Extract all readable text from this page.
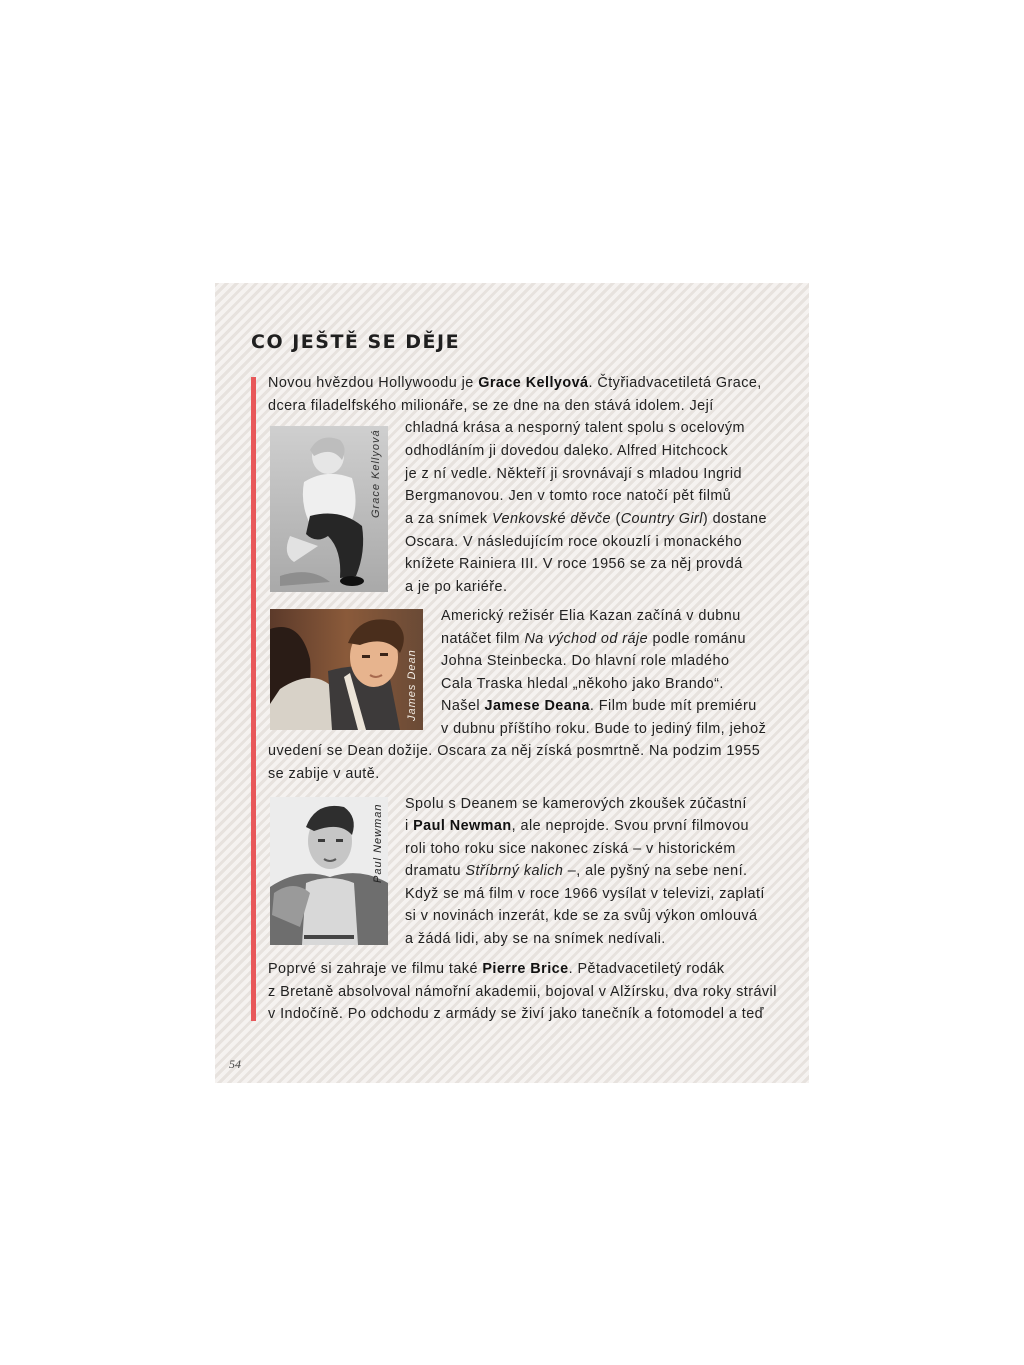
CO JEŠTĚ SE DĚJE

Novou hvězdou Hollywoodu je Grace Kellyová. Čtyřiadvacetiletá Grace,

dcera filadelfského milionáře, se ze dne na den stává idolem. Její

chladná krása a nesporný talent spolu s ocelovým

odhodláním ji dovedou daleko. Alfred Hitchcock

je z ní vedle. Někteří ji srovnávají s mladou Ingrid

Bergmanovou. Jen v tomto roce natočí pět filmů

a za snímek Venkovské děvče (Country Girl) dostane

Oscara. V následujícím roce okouzlí i monackého

knížete Rainiera III. V roce 1956 se za něj provdá

a je po kariéře.

Grace Kellyová

Americký režisér Elia Kazan začíná v dubnu

natáčet film Na východ od ráje podle románu

Johna Steinbecka. Do hlavní role mladého

Cala Traska hledal „někoho jako Brando“.

Našel Jamese Deana. Film bude mít premiéru

v dubnu příštího roku. Bude to jediný film, jehož

uvedení se Dean dožije. Oscara za něj získá posmrtně. Na podzim 1955

se zabije v autě.

James Dean

Spolu s Deanem se kamerových zkoušek zúčastní

i Paul Newman, ale neprojde. Svou první filmovou

roli toho roku sice nakonec získá – v historickém

dramatu Stříbrný kalich –, ale pyšný na sebe není.

Když se má film v roce 1966 vysílat v televizi, zaplatí

si v novinách inzerát, kde se za svůj výkon omlouvá

a žádá lidi, aby se na snímek nedívali.

Paul Newman

Poprvé si zahraje ve filmu také Pierre Brice. Pětadvacetiletý rodák

z Bretaně absolvoval námořní akademii, bojoval v Alžírsku, dva roky strávil

v Indočíně. Po odchodu z armády se živí jako tanečník a fotomodel a teď

54
